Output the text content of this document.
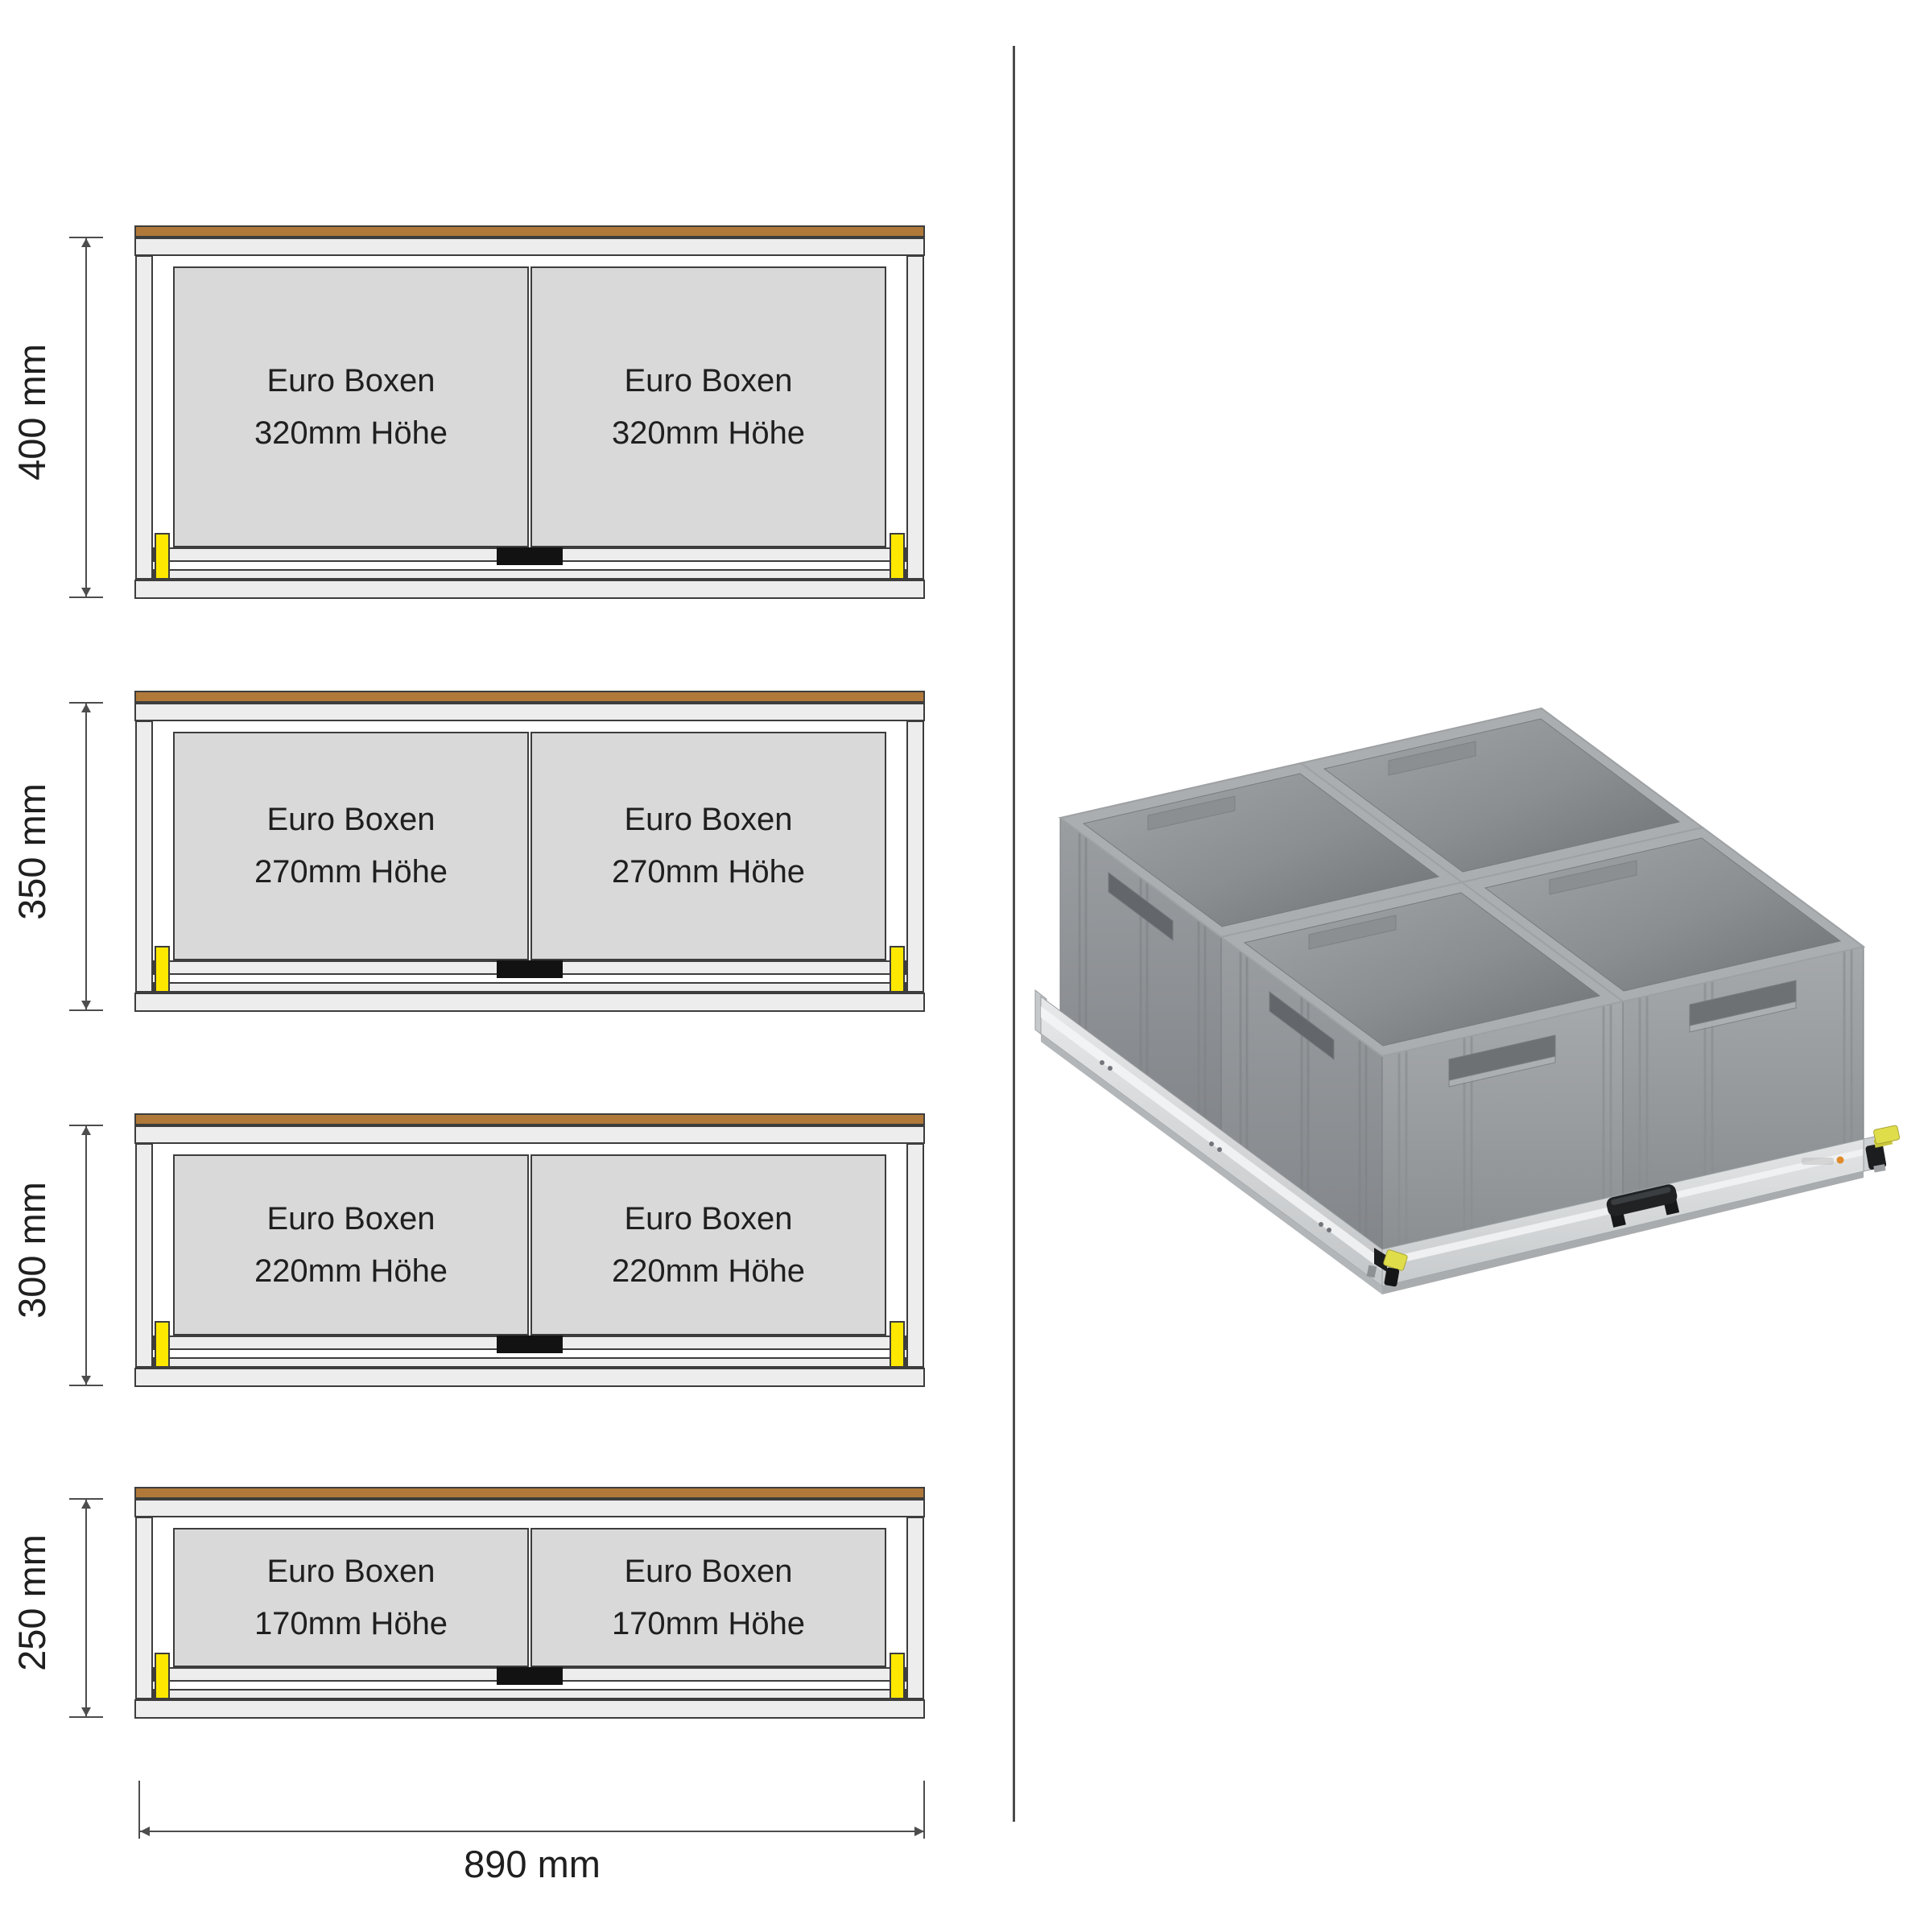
Euro Boxen
320mm Höhe
Euro Boxen
320mm Höhe
400 mm
Euro Boxen
270mm Höhe
Euro Boxen
270mm Höhe
350 mm
Euro Boxen
220mm Höhe
Euro Boxen
220mm Höhe
300 mm
Euro Boxen
170mm Höhe
Euro Boxen
170mm Höhe
250 mm
890 mm
